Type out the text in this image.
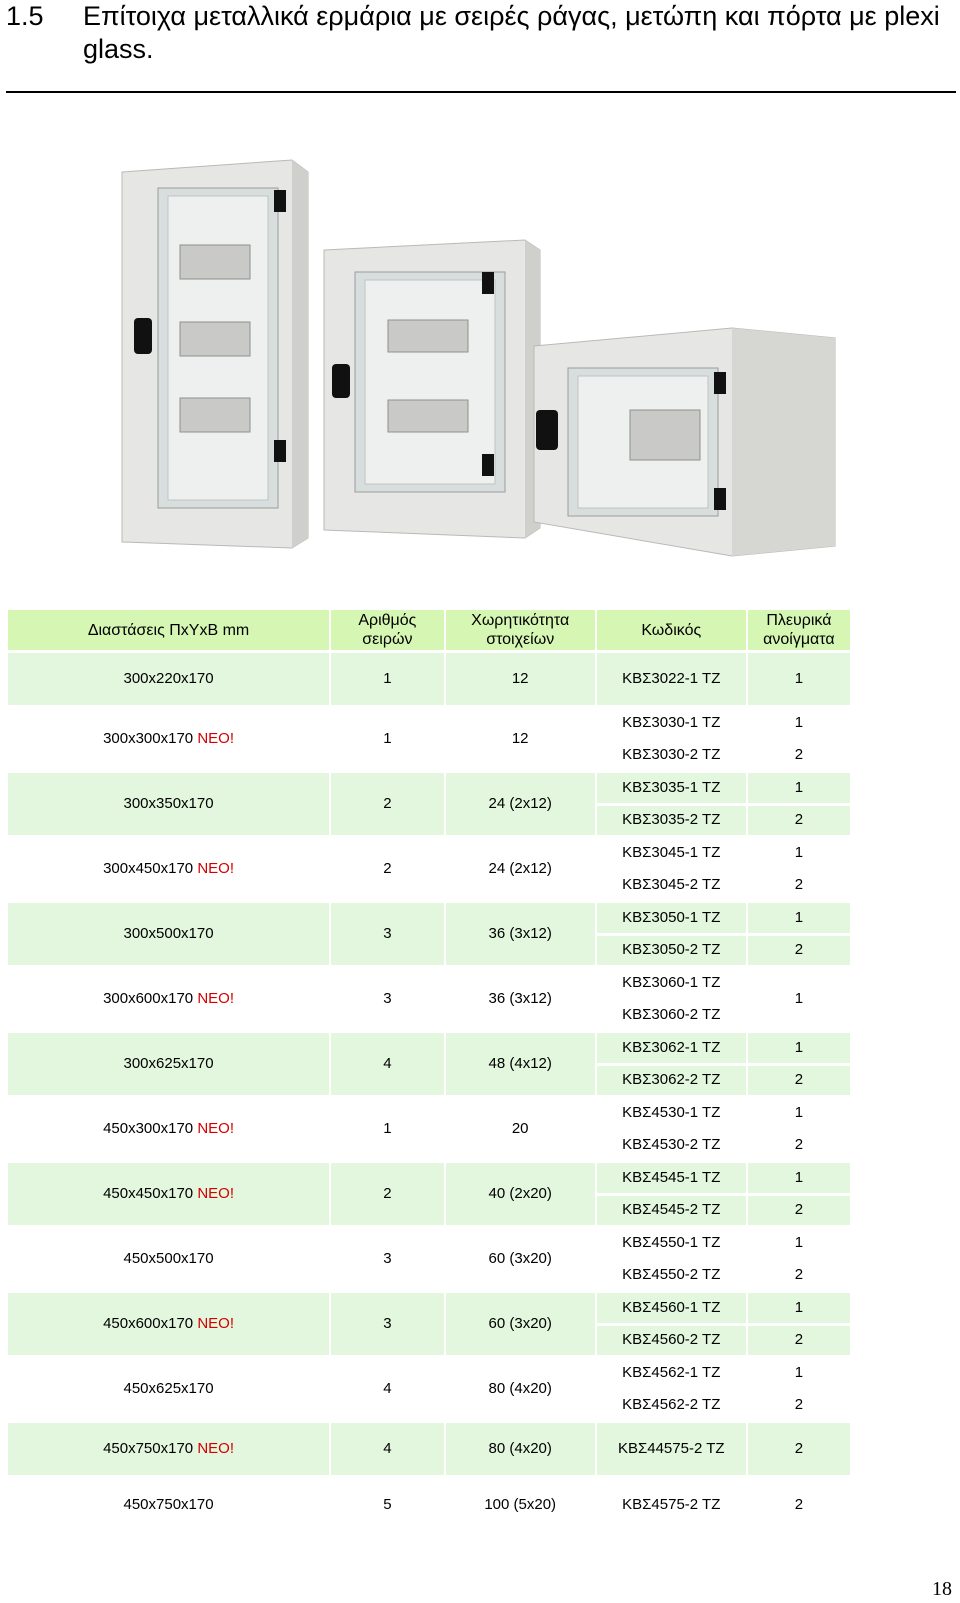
1.5 Επίτοιχα μεταλλικά ερμάρια με σειρές ράγας, μετώπη και πόρτα με plexi glass.
Διαστάσεις ΠxΥxΒ mm	Αριθμός σειρών	Χωρητικότητα στοιχείων	Κωδικός	Πλευρικά ανοίγματα
300x220x170	1	12	ΚΒΣ3022-1 ΤΖ	1
300x300x170 ΝΕΟ!	1	12	ΚΒΣ3030-1 ΤΖ	1
			ΚΒΣ3030-2 ΤΖ	2
300x350x170	2	24 (2x12)	ΚΒΣ3035-1 ΤΖ	1
			ΚΒΣ3035-2 ΤΖ	2
300x450x170 ΝΕΟ!	2	24 (2x12)	ΚΒΣ3045-1 ΤΖ	1
			ΚΒΣ3045-2 ΤΖ	2
300x500x170	3	36 (3x12)	ΚΒΣ3050-1 ΤΖ	1
			ΚΒΣ3050-2 ΤΖ	2
300x600x170 ΝΕΟ!	3	36 (3x12)	ΚΒΣ3060-1 ΤΖ	1
			ΚΒΣ3060-2 ΤΖ	
300x625x170	4	48 (4x12)	ΚΒΣ3062-1 ΤΖ	1
			ΚΒΣ3062-2 ΤΖ	2
450x300x170 ΝΕΟ!	1	20	ΚΒΣ4530-1 ΤΖ	1
			ΚΒΣ4530-2 ΤΖ	2
450x450x170 ΝΕΟ!	2	40 (2x20)	ΚΒΣ4545-1 ΤΖ	1
			ΚΒΣ4545-2 ΤΖ	2
450x500x170	3	60 (3x20)	ΚΒΣ4550-1 ΤΖ	1
			ΚΒΣ4550-2 ΤΖ	2
450x600x170 ΝΕΟ!	3	60 (3x20)	ΚΒΣ4560-1 ΤΖ	1
			ΚΒΣ4560-2 ΤΖ	2
450x625x170	4	80 (4x20)	ΚΒΣ4562-1 ΤΖ	1
			ΚΒΣ4562-2 ΤΖ	2
450x750x170 ΝΕΟ!	4	80 (4x20)	ΚΒΣ44575-2 ΤΖ	2
450x750x170	5	100 (5x20)	ΚΒΣ4575-2 ΤΖ	2
18
